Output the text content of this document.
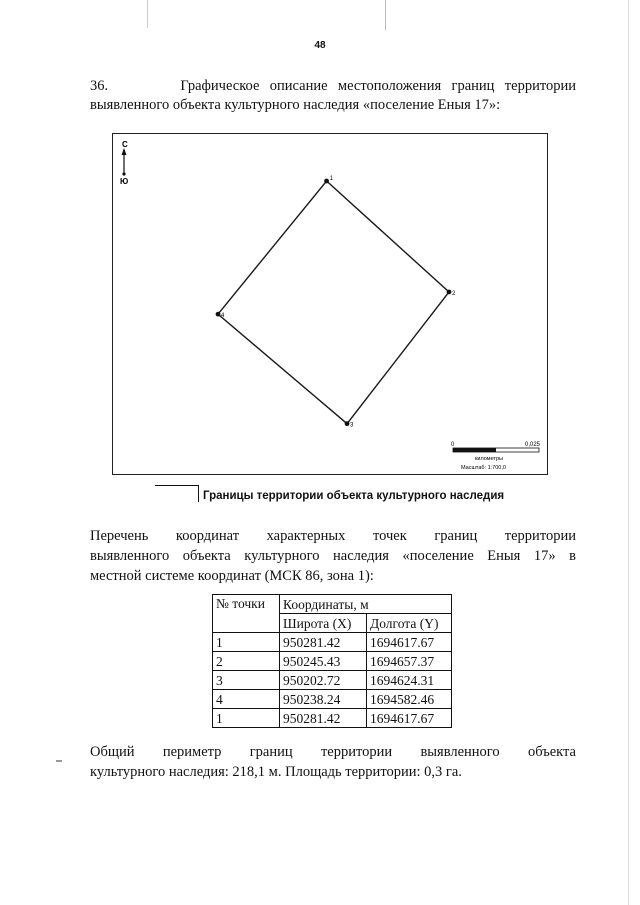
48
36.	Графическое описание местоположения границ территории
выявленного объекта культурного наследия «поселение Еныя 17»:
С
Ю	1
2
3
4
0	0,025
километры
Масштаб: 1:700,0
Границы территории объекта культурного наследия
Перечень координат характерных точек границ территории
выявленного объекта культурного наследия «поселение Еныя 17» в
местной системе координат (МСК 86, зона 1):
№ точки	Координаты, м	
	Широта (X)	Долгота (Y)
1	950281.42	1694617.67
2	950245.43	1694657.37
3	950202.72	1694624.31
4	950238.24	1694582.46
1	950281.42	1694617.67
Общий периметр границ территории выявленного объекта
культурного наследия: 218,1 м. Площадь территории: 0,3 га.
